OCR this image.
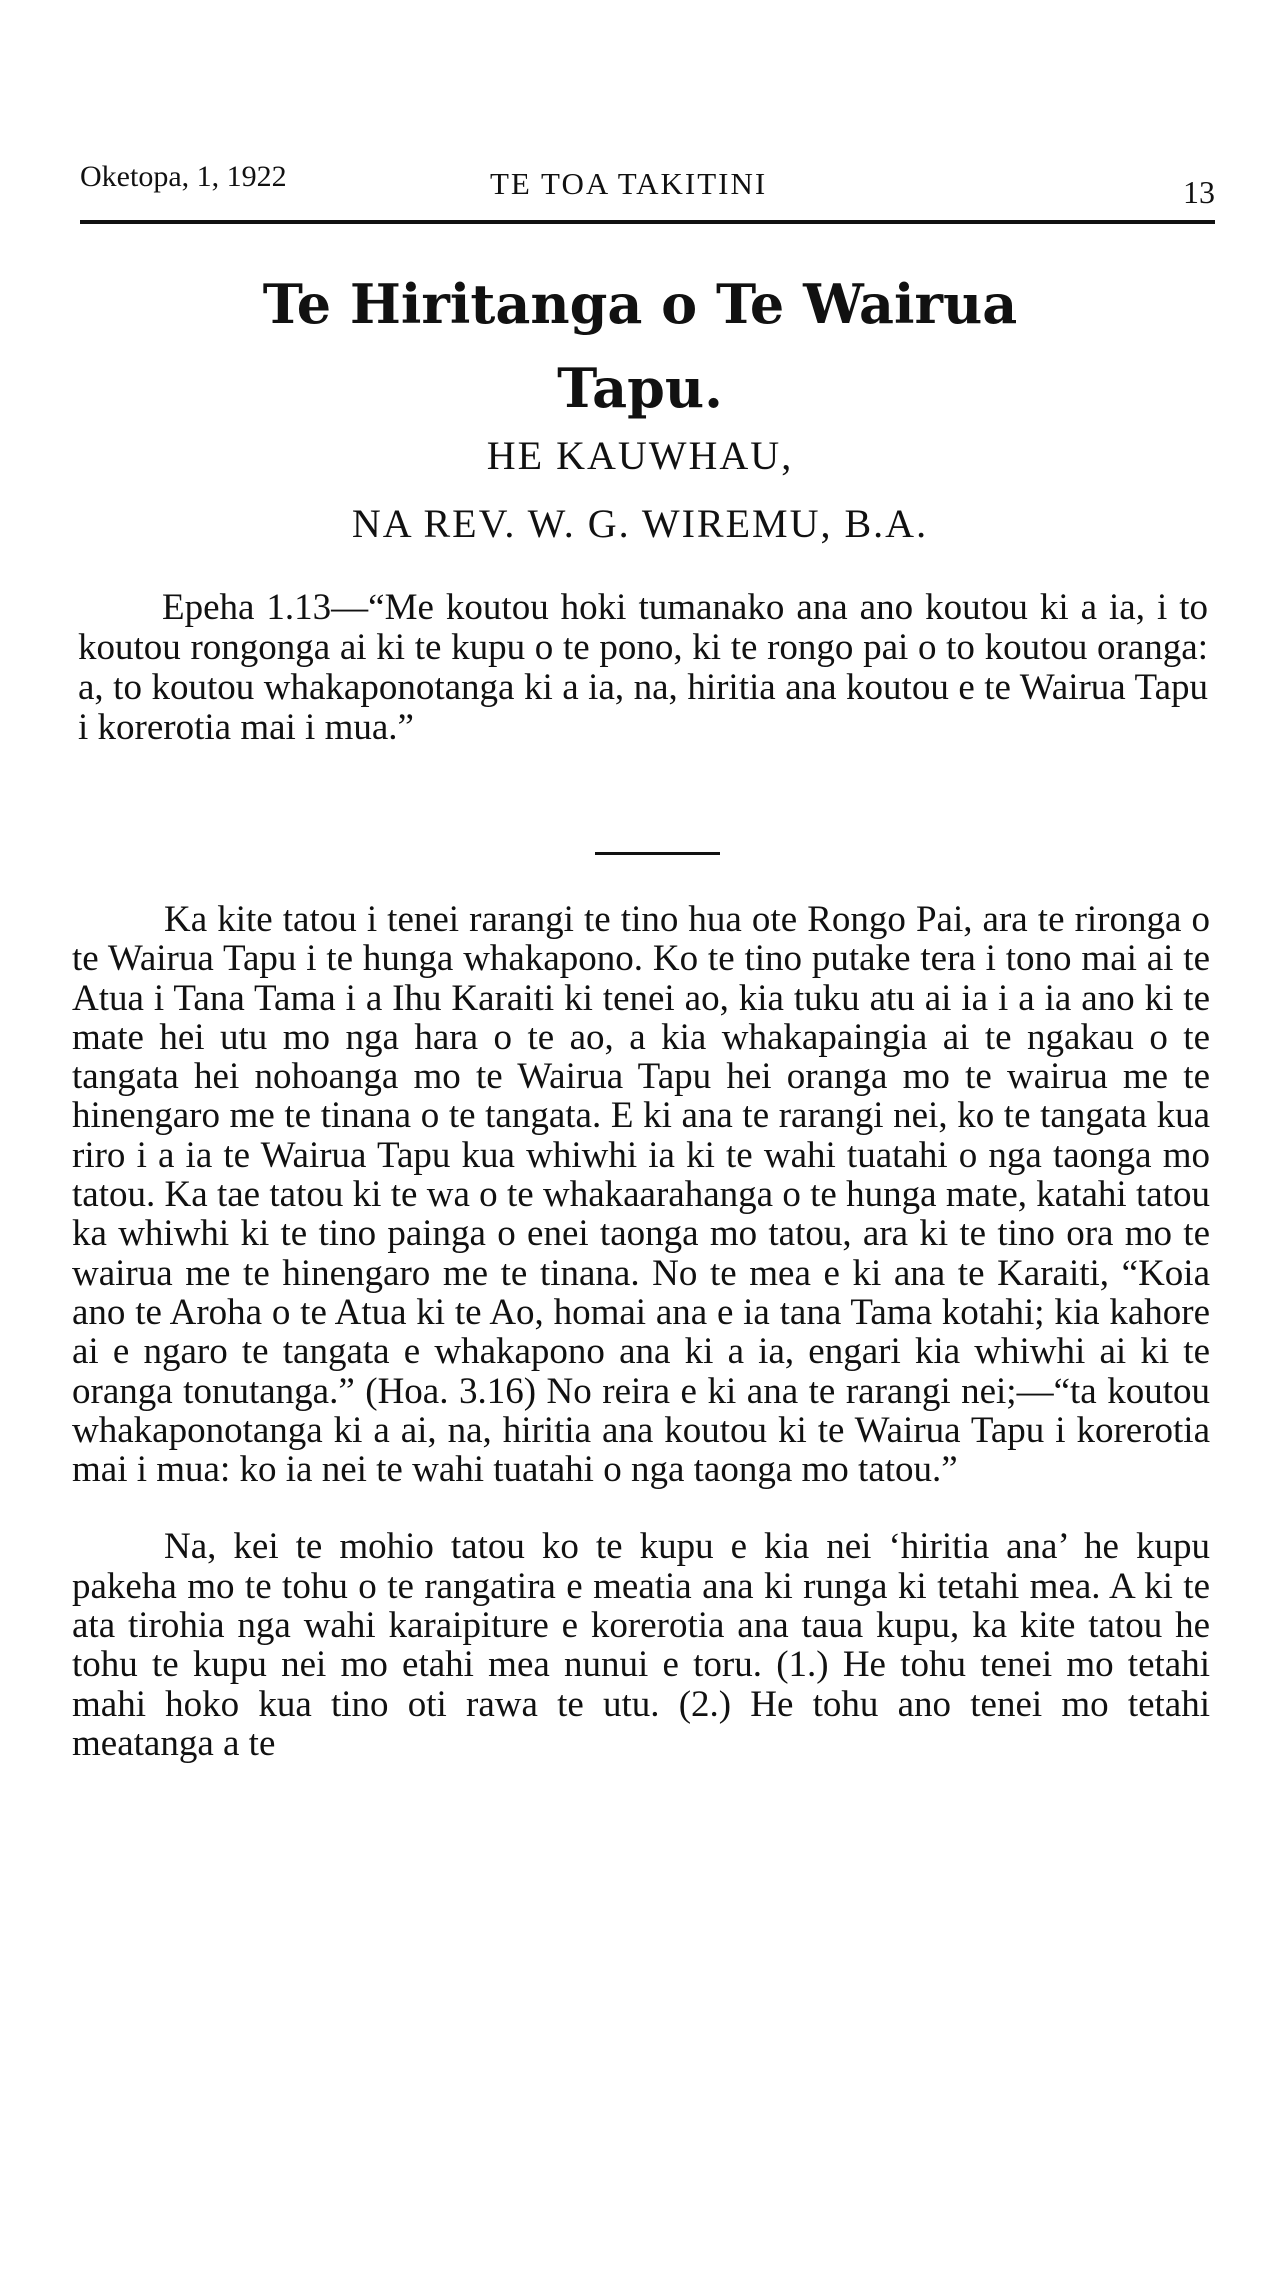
Oketopa, 1, 1922	TE TOA TAKITINI	13
Te Hiritanga o Te Wairua
Tapu.
HE KAUWHAU,
NA REV. W. G. WIREMU, B.A.

Epeha 1.13—“Me koutou hoki tumanako ana ano koutou ki a ia, i to koutou rongonga ai ki te kupu o te pono, ki te rongo pai o to koutou oranga: a, to koutou whakaponotanga ki a ia, na, hiritia ana koutou e te Wairua Tapu i korerotia mai i mua.”

Ka kite tatou i tenei rarangi te tino hua ote Rongo Pai, ara te rironga o te Wairua Tapu i te hunga whakapono. Ko te tino putake tera i tono mai ai te Atua i Tana Tama i a Ihu Karaiti ki tenei ao, kia tuku atu ai ia i a ia ano ki te mate hei utu mo nga hara o te ao, a kia whakapaingia ai te ngakau o te tangata hei nohoanga mo te Wairua Tapu hei oranga mo te wairua me te hinengaro me te tinana o te tangata. E ki ana te rarangi nei, ko te tangata kua riro i a ia te Wairua Tapu kua whiwhi ia ki te wahi tuatahi o nga taonga mo tatou. Ka tae tatou ki te wa o te whakaarahanga o te hunga mate, katahi tatou ka whiwhi ki te tino painga o enei taonga mo tatou, ara ki te tino ora mo te wairua me te hinengaro me te tinana. No te mea e ki ana te Karaiti, “Koia ano te Aroha o te Atua ki te Ao, homai ana e ia tana Tama kotahi; kia kahore ai e ngaro te tangata e whakapono ana ki a ia, engari kia whiwhi ai ki te oranga tonutanga.” (Hoa. 3.16) No reira e ki ana te rarangi nei;—“ta koutou whakaponotanga ki a ai, na, hiritia ana koutou ki te Wairua Tapu i korerotia mai i mua: ko ia nei te wahi tuatahi o nga taonga mo tatou.”

Na, kei te mohio tatou ko te kupu e kia nei ‘hiritia ana’ he kupu pakeha mo te tohu o te rangatira e meatia ana ki runga ki tetahi mea. A ki te ata tirohia nga wahi karaipiture e korerotia ana taua kupu, ka kite tatou he tohu te kupu nei mo etahi mea nunui e toru. (1.) He tohu tenei mo tetahi mahi hoko kua tino oti rawa te utu. (2.) He tohu ano tenei mo tetahi meatanga a te
